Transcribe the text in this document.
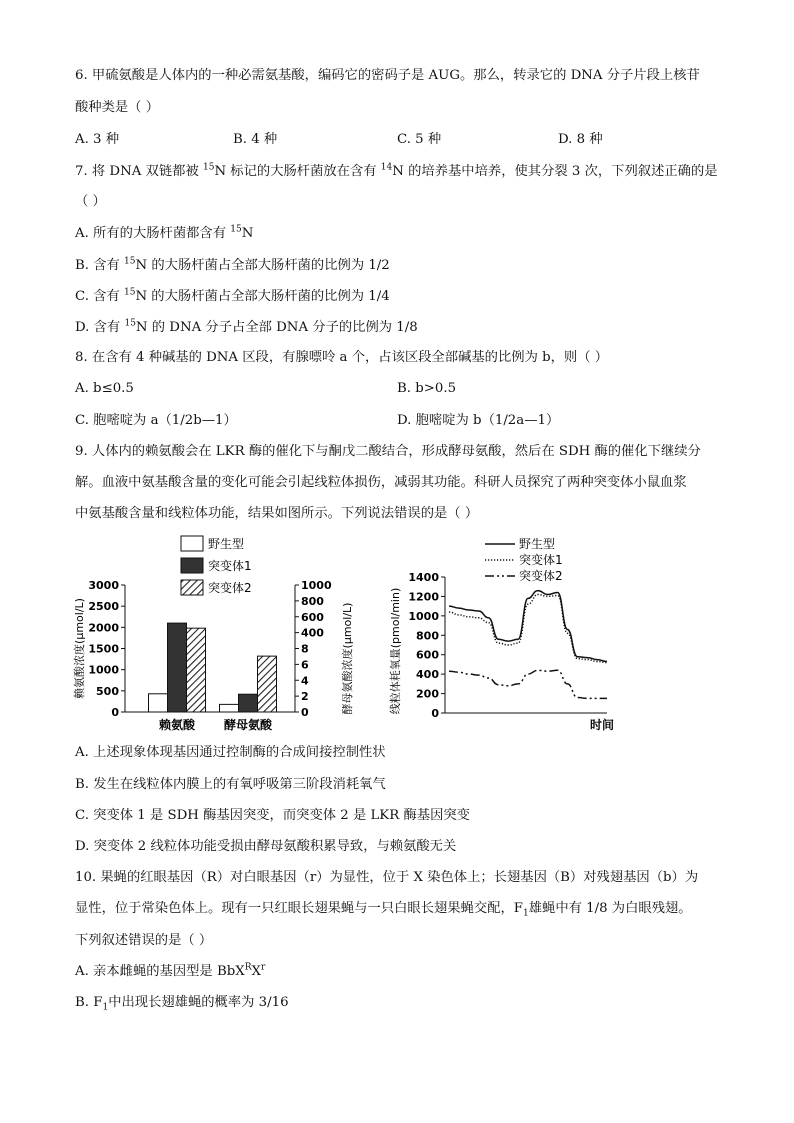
6. 甲硫氨酸是人体内的一种必需氨基酸，编码它的密码子是 AUG。那么，转录它的 DNA 分子片段上核苷
酸种类是（ ）
A. 3 种	B. 4 种	C. 5 种	D. 8 种
7. 将 DNA 双链都被 $^{15}$N 标记的大肠杆菌放在含有 $^{14}$N 的培养基中培养，使其分裂 3 次，下列叙述正确的是
（ ）
A. 所有的大肠杆菌都含有 $^{15}$N
B. 含有 $^{15}$N 的大肠杆菌占全部大肠杆菌的比例为 1/2
C. 含有 $^{15}$N 的大肠杆菌占全部大肠杆菌的比例为 1/4
D. 含有 $^{15}$N 的 DNA 分子占全部 DNA 分子的比例为 1/8
8. 在含有 4 种碱基的 DNA 区段，有腺嘌呤 a 个，占该区段全部碱基的比例为 b，则（ ）
A. b≤0.5	B. b>0.5
C. 胞嘧啶为 a（1/2b—1）	D. 胞嘧啶为 b（1/2a—1）
9. 人体内的赖氨酸会在 LKR 酶的催化下与酮戊二酸结合，形成酵母氨酸，然后在 SDH 酶的催化下继续分
解。血液中氨基酸含量的变化可能会引起线粒体损伤，减弱其功能。科研人员探究了两种突变体小鼠血浆
中氨基酸含量和线粒体功能，结果如图所示。下列说法错误的是（ ）
野生型
突变体1
突变体2
0
500
1000
1500
2000
2500
3000
0
2
4
6
8
400
600
800
1000
赖氨酸浓度(μmol/L)	酵母氨酸浓度(μmol/L)
赖氨酸 酵母氨酸
野生型
突变体1
突变体2
0
200
400
600
800
1000
1200
1400
线粒体耗氧量(pmol/min)
时间
A. 上述现象体现基因通过控制酶的合成间接控制性状
B. 发生在线粒体内膜上的有氧呼吸第三阶段消耗氧气
C. 突变体 1 是 SDH 酶基因突变，而突变体 2 是 LKR 酶基因突变
D. 突变体 2 线粒体功能受损由酵母氨酸积累导致，与赖氨酸无关
10. 果蝇的红眼基因（R）对白眼基因（r）为显性，位于 X 染色体上；长翅基因（B）对残翅基因（b）为
显性，位于常染色体上。现有一只红眼长翅果蝇与一只白眼长翅果蝇交配，$F_1$雄蝇中有 1/8 为白眼残翅。
下列叙述错误的是（ ）
A. 亲本雌蝇的基因型是 $BbX^RX^r$
B. $F_1$中出现长翅雄蝇的概率为 3/16
